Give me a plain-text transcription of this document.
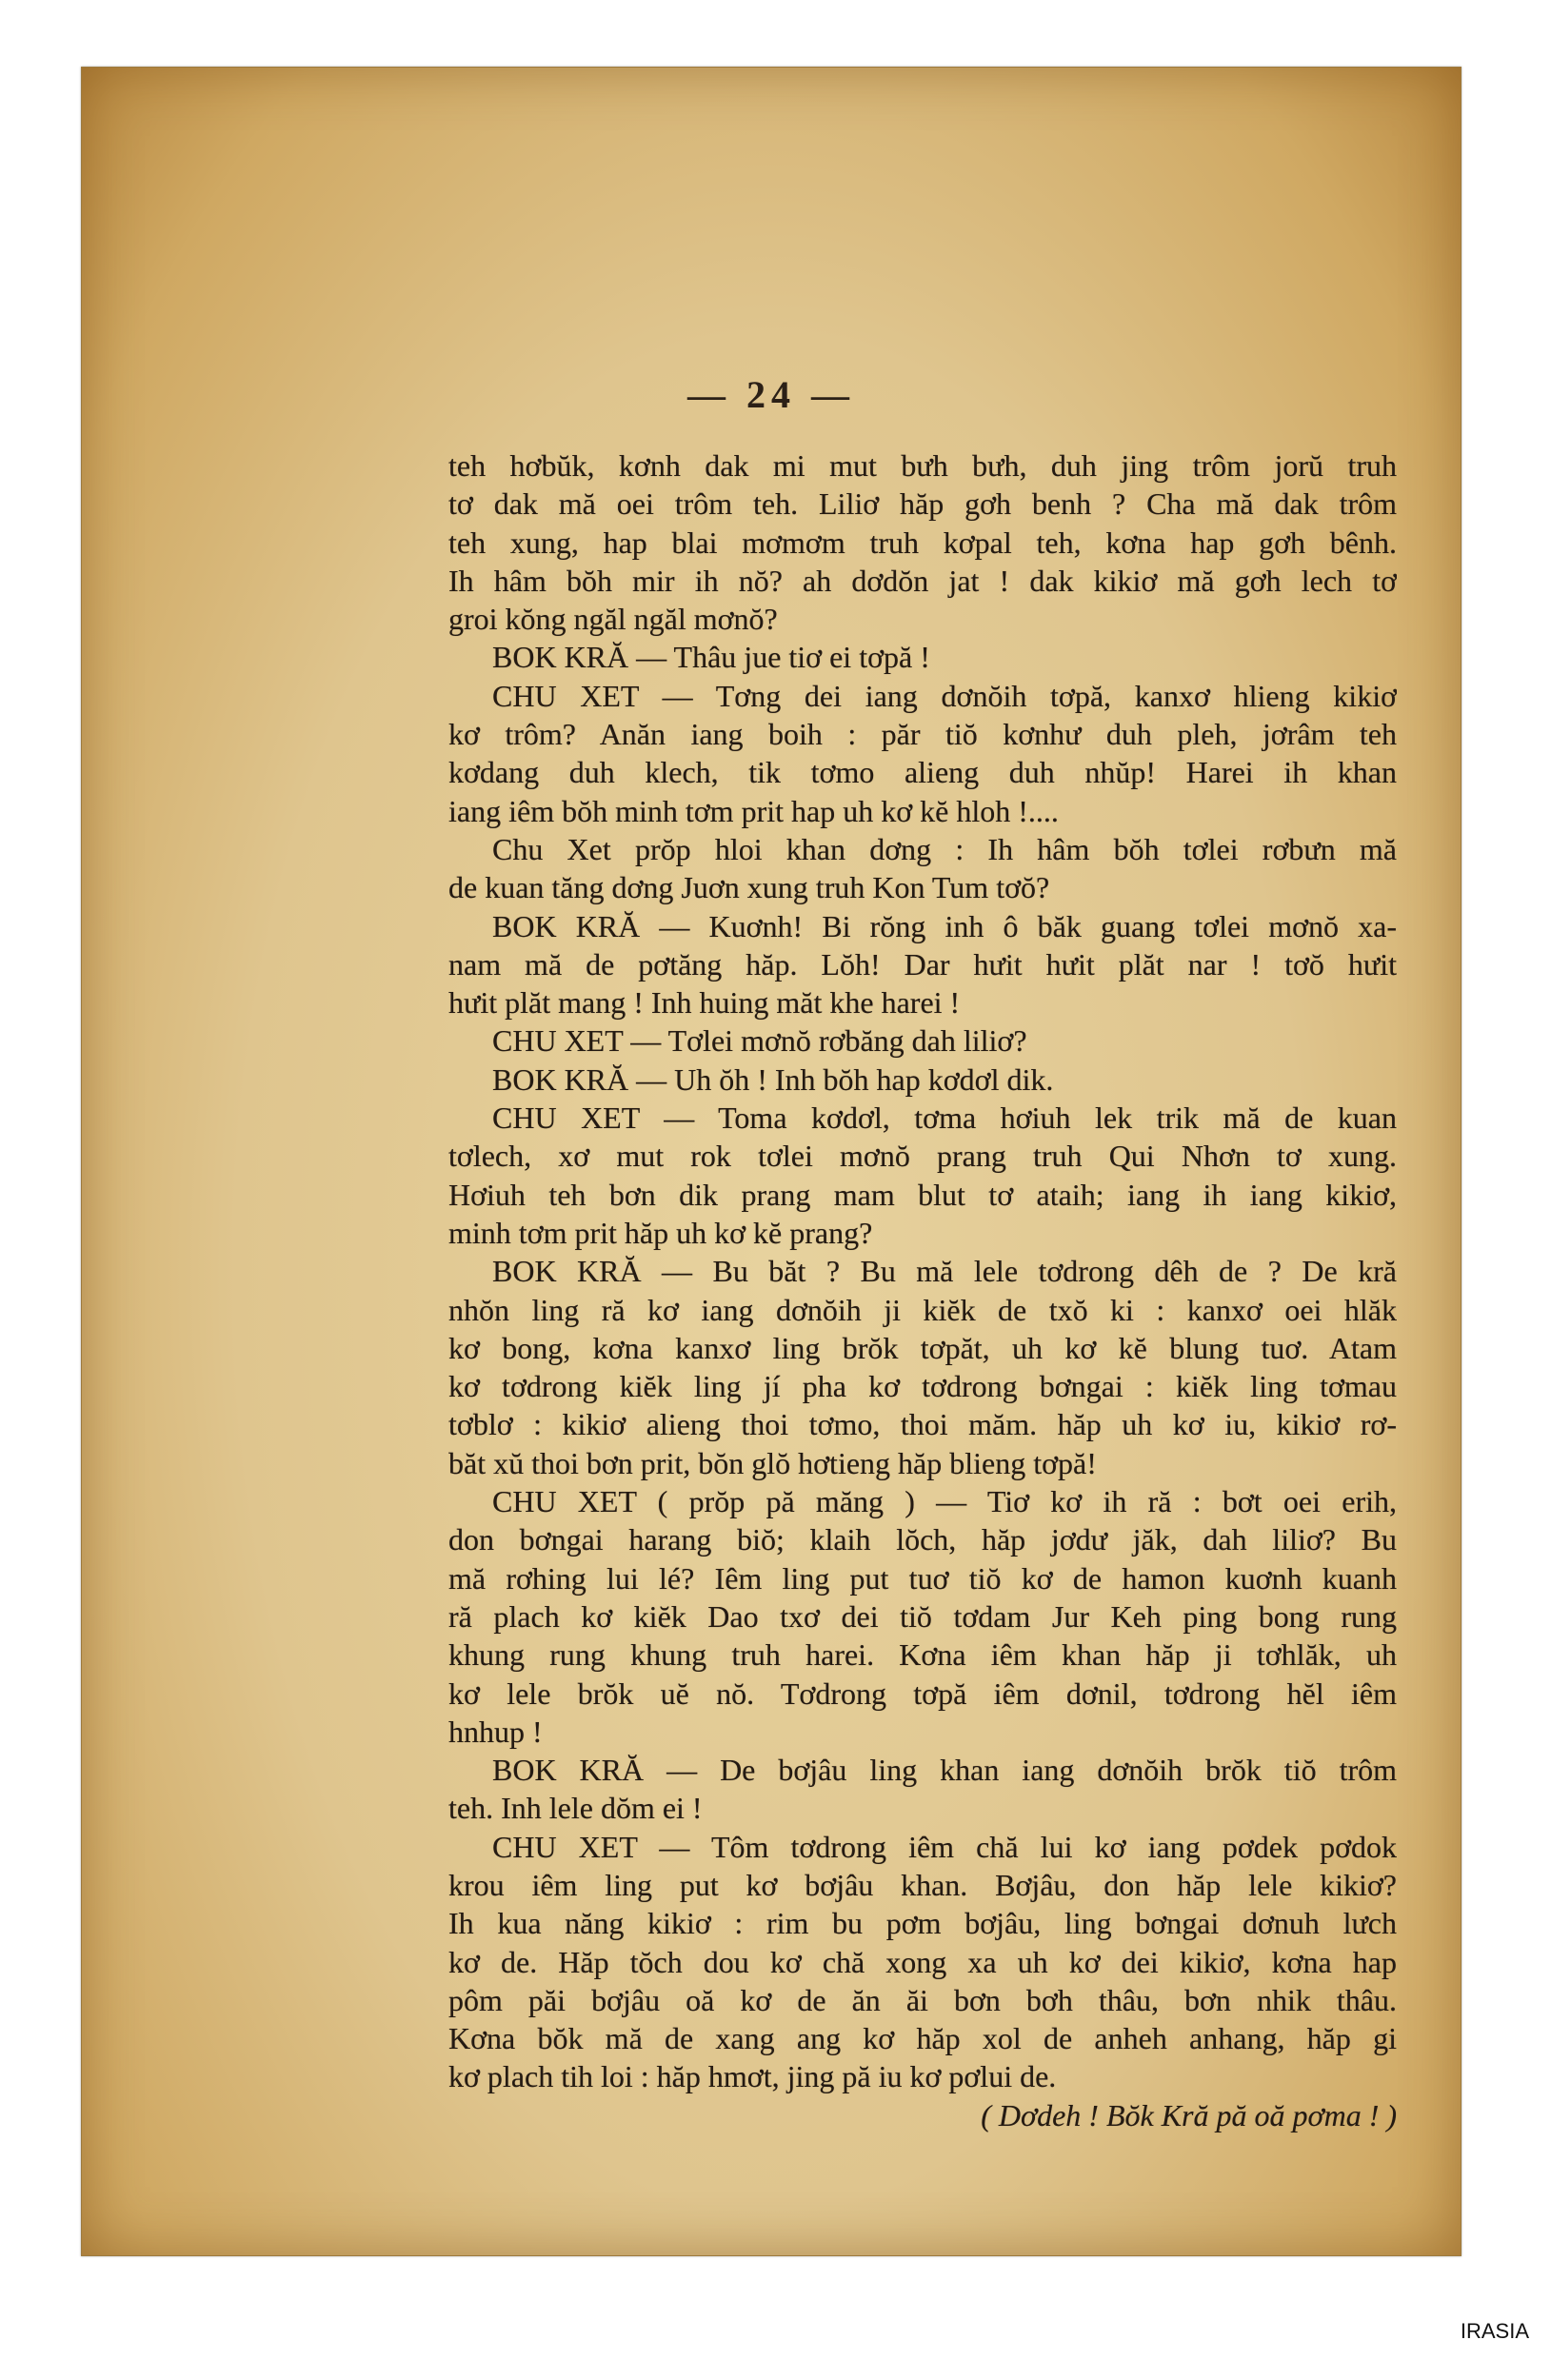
— 24 —
teh hơbŭk, kơnh dak mi mut bưh bưh, duh jing trôm jorŭ truh
tơ dak mă oei trôm teh. Liliơ hăp gơh benh ? Cha mă dak trôm
teh xung, hap blai mơmơm truh kơpal teh, kơna hap gơh bênh.
Ih hâm bŏh mir ih nŏ? ah dơdŏn jat ! dak kikiơ mă gơh lech tơ
groi kŏng ngăl ngăl mơnŏ?
BOK KRĂ — Thâu jue tiơ ei tơpă !
CHU XET — Tơng dei iang dơnŏih tơpă, kanxơ hlieng kikiơ
kơ trôm? Anăn iang boih : păr tiŏ kơnhư duh pleh, jơrâm teh
kơdang duh klech, tik tơmo alieng duh nhŭp! Harei ih khan
iang iêm bŏh minh tơm prit hap uh kơ kĕ hloh !....
Chu Xet prŏp hloi khan dơng : Ih hâm bŏh tơlei rơbưn mă
de kuan tăng dơng Juơn xung truh Kon Tum tơŏ?
BOK KRĂ — Kuơnh! Bi rŏng inh ô băk guang tơlei mơnŏ xa-
nam mă de pơtăng hăp. Lŏh! Dar hưit hưit plăt nar ! tơŏ hưit
hưit plăt mang ! Inh huing măt khe harei !
CHU XET — Tơlei mơnŏ rơbăng dah liliơ?
BOK KRĂ — Uh ŏh ! Inh bŏh hap kơdơl dik.
CHU XET — Toma kơdơl, tơma hơiuh lek trik mă de kuan
tơlech, xơ mut rok tơlei mơnŏ prang truh Qui Nhơn tơ xung.
Hơiuh teh bơn dik prang mam blut tơ ataih; iang ih iang kikiơ,
minh tơm prit hăp uh kơ kĕ prang?
BOK KRĂ — Bu băt ? Bu mă lele tơdrong dêh de ? De kră
nhŏn ling ră kơ iang dơnŏih ji kiĕk de txŏ ki : kanxơ oei hlăk
kơ bong, kơna kanxơ ling brŏk tơpăt, uh kơ kĕ blung tuơ. Atam
kơ tơdrong kiĕk ling jí pha kơ tơdrong bơngai : kiĕk ling tơmau
tơblơ : kikiơ alieng thoi tơmo, thoi măm. hăp uh kơ iu, kikiơ rơ-
băt xŭ thoi bơn prit, bŏn glŏ hơtieng hăp blieng tơpă!
CHU XET ( prŏp pă măng ) — Tiơ kơ ih ră : bơt oei erih,
don bơngai harang biŏ; klaih lŏch, hăp jơdư jăk, dah liliơ? Bu
mă rơhing lui lé? Iêm ling put tuơ tiŏ kơ de hamon kuơnh kuanh
ră plach kơ kiĕk Dao txơ dei tiŏ tơdam Jur Keh ping bong rung
khung rung khung truh harei. Kơna iêm khan hăp ji tơhlăk, uh
kơ lele brŏk uĕ nŏ. Tơdrong tơpă iêm dơnil, tơdrong hĕl iêm
hnhup !
BOK KRĂ — De bơjâu ling khan iang dơnŏih brŏk tiŏ trôm
teh. Inh lele dŏm ei !
CHU XET — Tôm tơdrong iêm chă lui kơ iang pơdek pơdok
krou iêm ling put kơ bơjâu khan. Bơjâu, don hăp lele kikiơ?
Ih kua năng kikiơ : rim bu pơm bơjâu, ling bơngai dơnuh lưch
kơ de. Hăp tŏch dou kơ chă xong xa uh kơ dei kikiơ, kơna hap
pôm păi bơjâu oă kơ de ăn ăi bơn bơh thâu, bơn nhik thâu.
Kơna bŏk mă de xang ang kơ hăp xol de anheh anhang, hăp gi
kơ plach tih loi : hăp hmơt, jing pă iu kơ pơlui de.
( Dơdeh ! Bŏk Kră pă oă pơma ! )
IRASIA
